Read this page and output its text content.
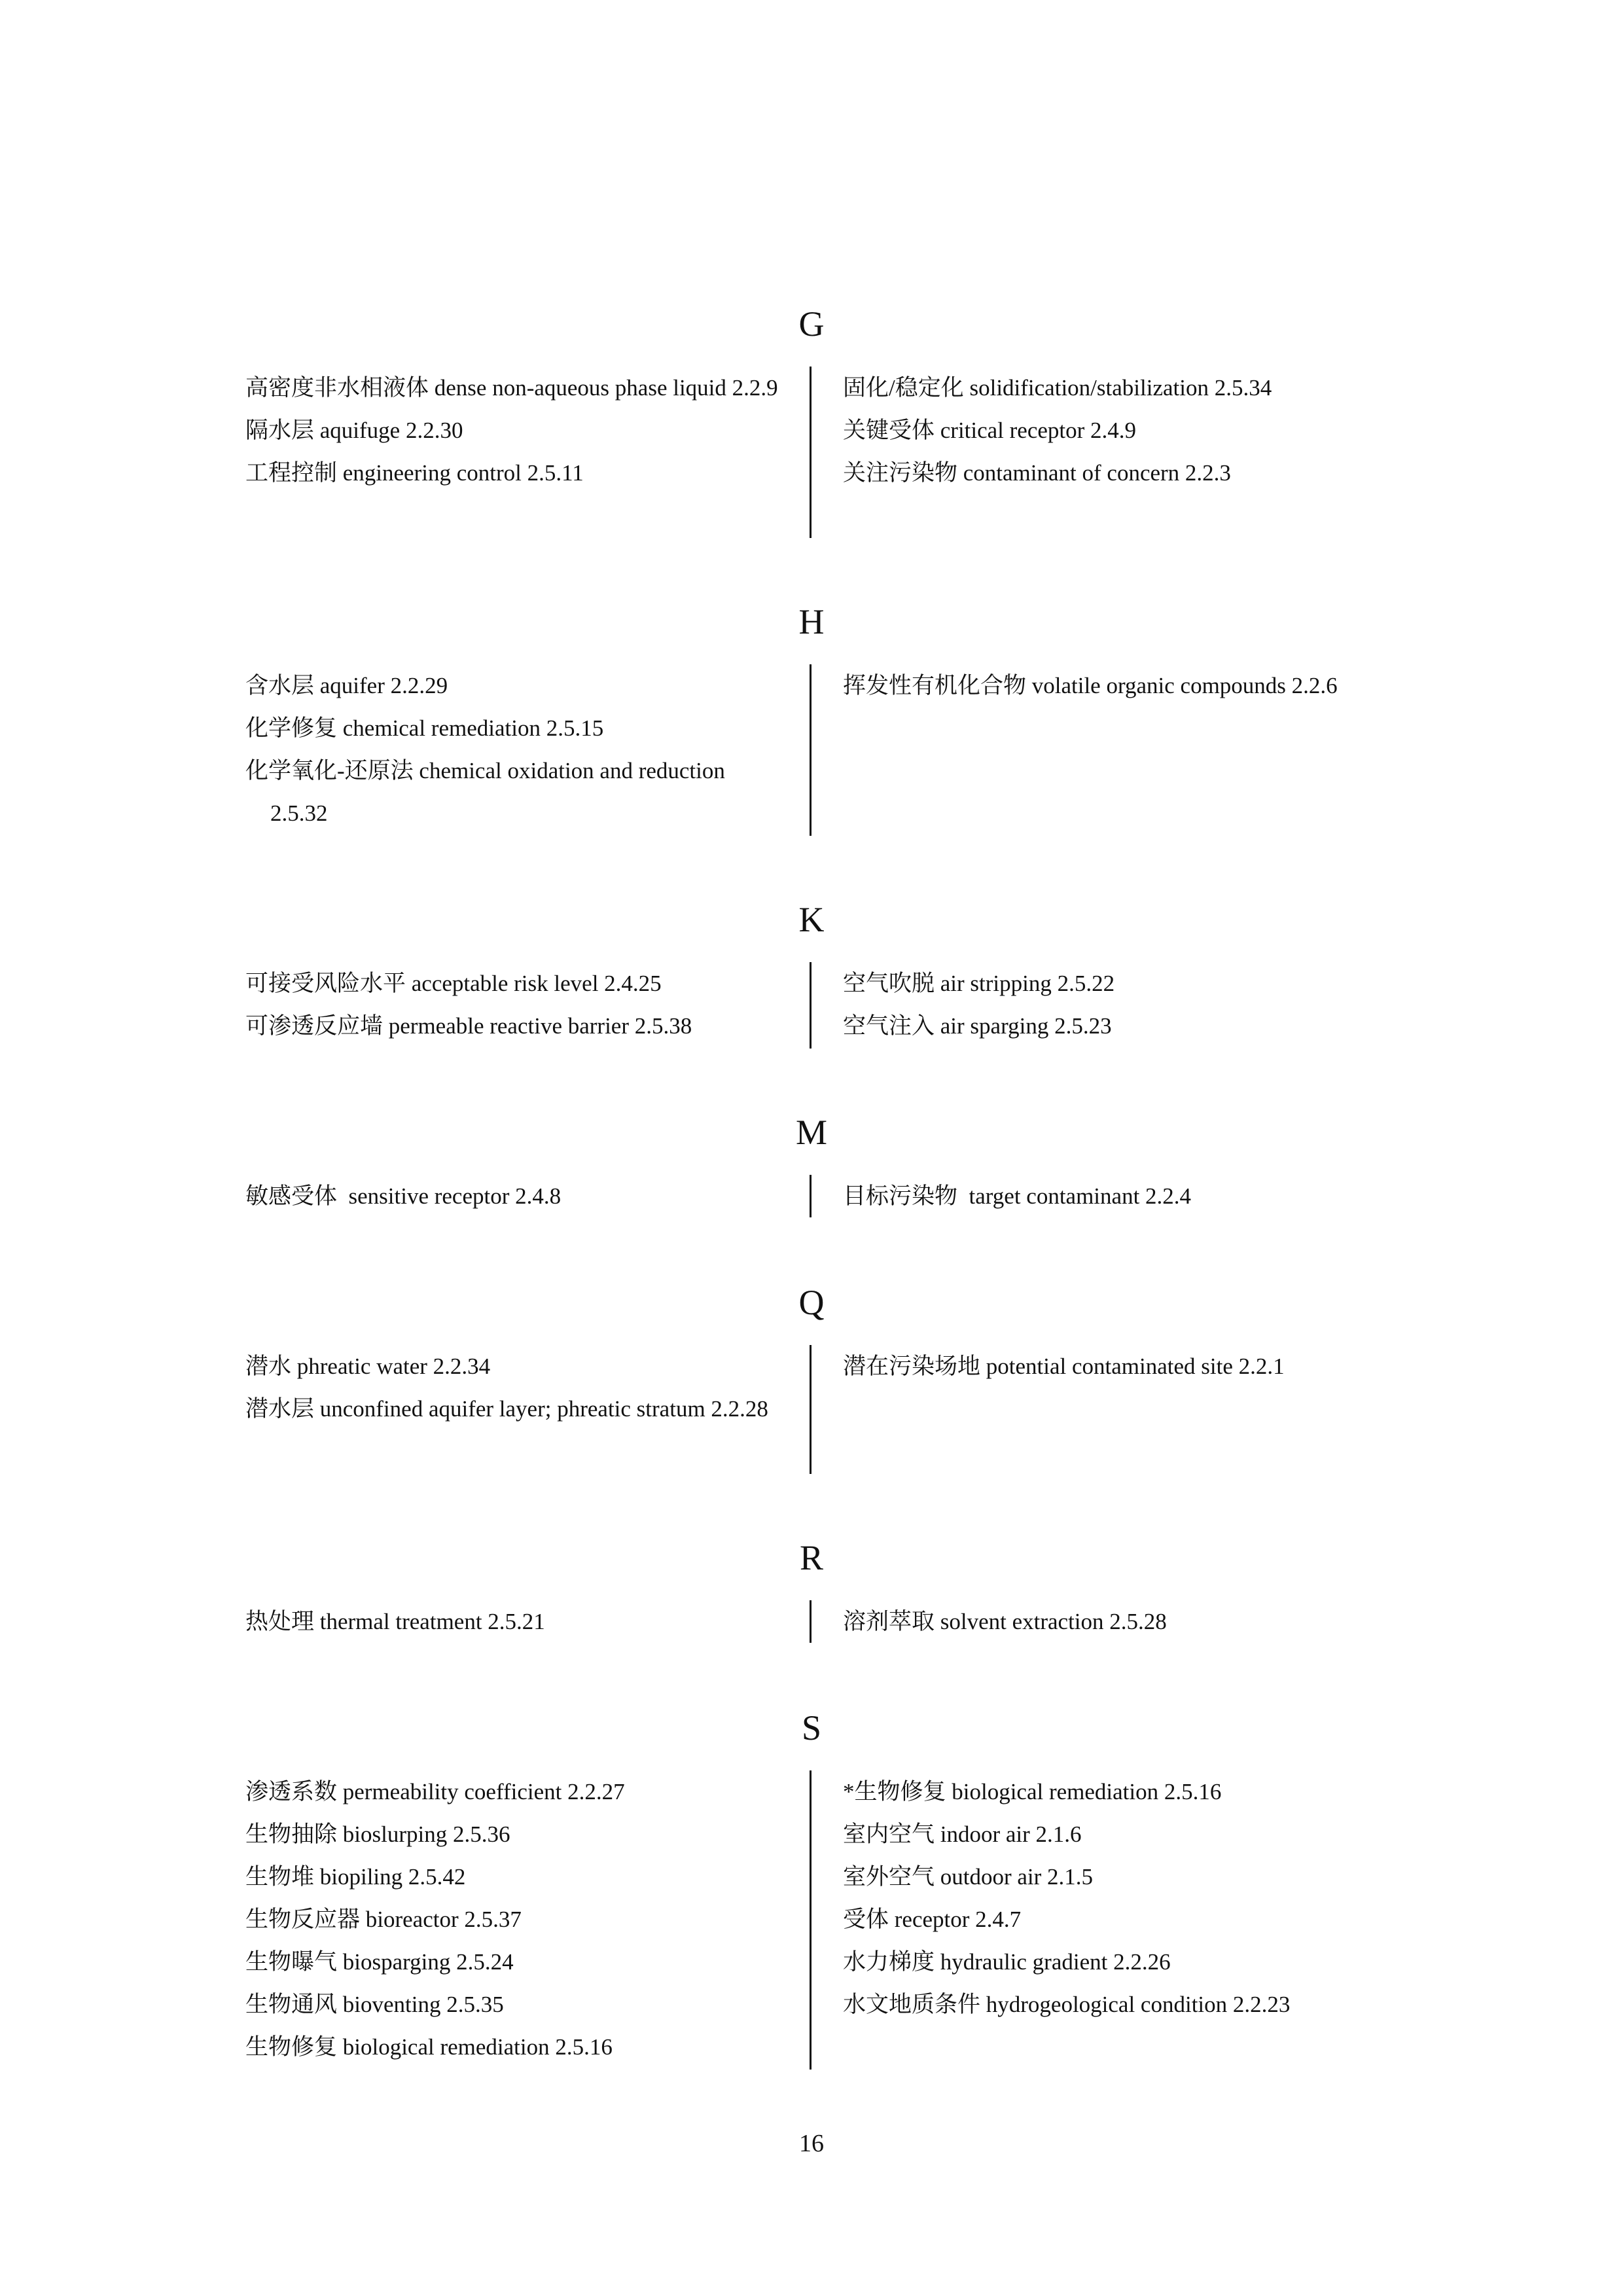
G
高密度非水相液体 dense non-aqueous phase liquid 2.2.9
隔水层 aquifuge 2.2.30
工程控制 engineering control 2.5.11
固化/稳定化 solidification/stabilization 2.5.34
关键受体 critical receptor 2.4.9
关注污染物 contaminant of concern 2.2.3
H
含水层 aquifer 2.2.29
化学修复 chemical remediation 2.5.15
化学氧化-还原法 chemical oxidation and reduction 2.5.32
挥发性有机化合物 volatile organic compounds 2.2.6
K
可接受风险水平 acceptable risk level 2.4.25
可渗透反应墙 permeable reactive barrier 2.5.38
空气吹脱 air stripping 2.5.22
空气注入 air sparging 2.5.23
M
敏感受体  sensitive receptor 2.4.8	目标污染物  target contaminant 2.2.4
Q
潜水 phreatic water 2.2.34
潜水层 unconfined aquifer layer; phreatic stratum 2.2.28
潜在污染场地 potential contaminated site 2.2.1
R
热处理 thermal treatment 2.5.21	溶剂萃取 solvent extraction 2.5.28
S
渗透系数 permeability coefficient 2.2.27
生物抽除 bioslurping 2.5.36
生物堆 biopiling 2.5.42
生物反应器 bioreactor 2.5.37
生物曝气 biosparging 2.5.24
生物通风 bioventing 2.5.35
生物修复 biological remediation 2.5.16
*生物修复 biological remediation 2.5.16
室内空气 indoor air 2.1.6
室外空气 outdoor air 2.1.5
受体 receptor 2.4.7
水力梯度 hydraulic gradient 2.2.26
水文地质条件 hydrogeological condition 2.2.23
16
